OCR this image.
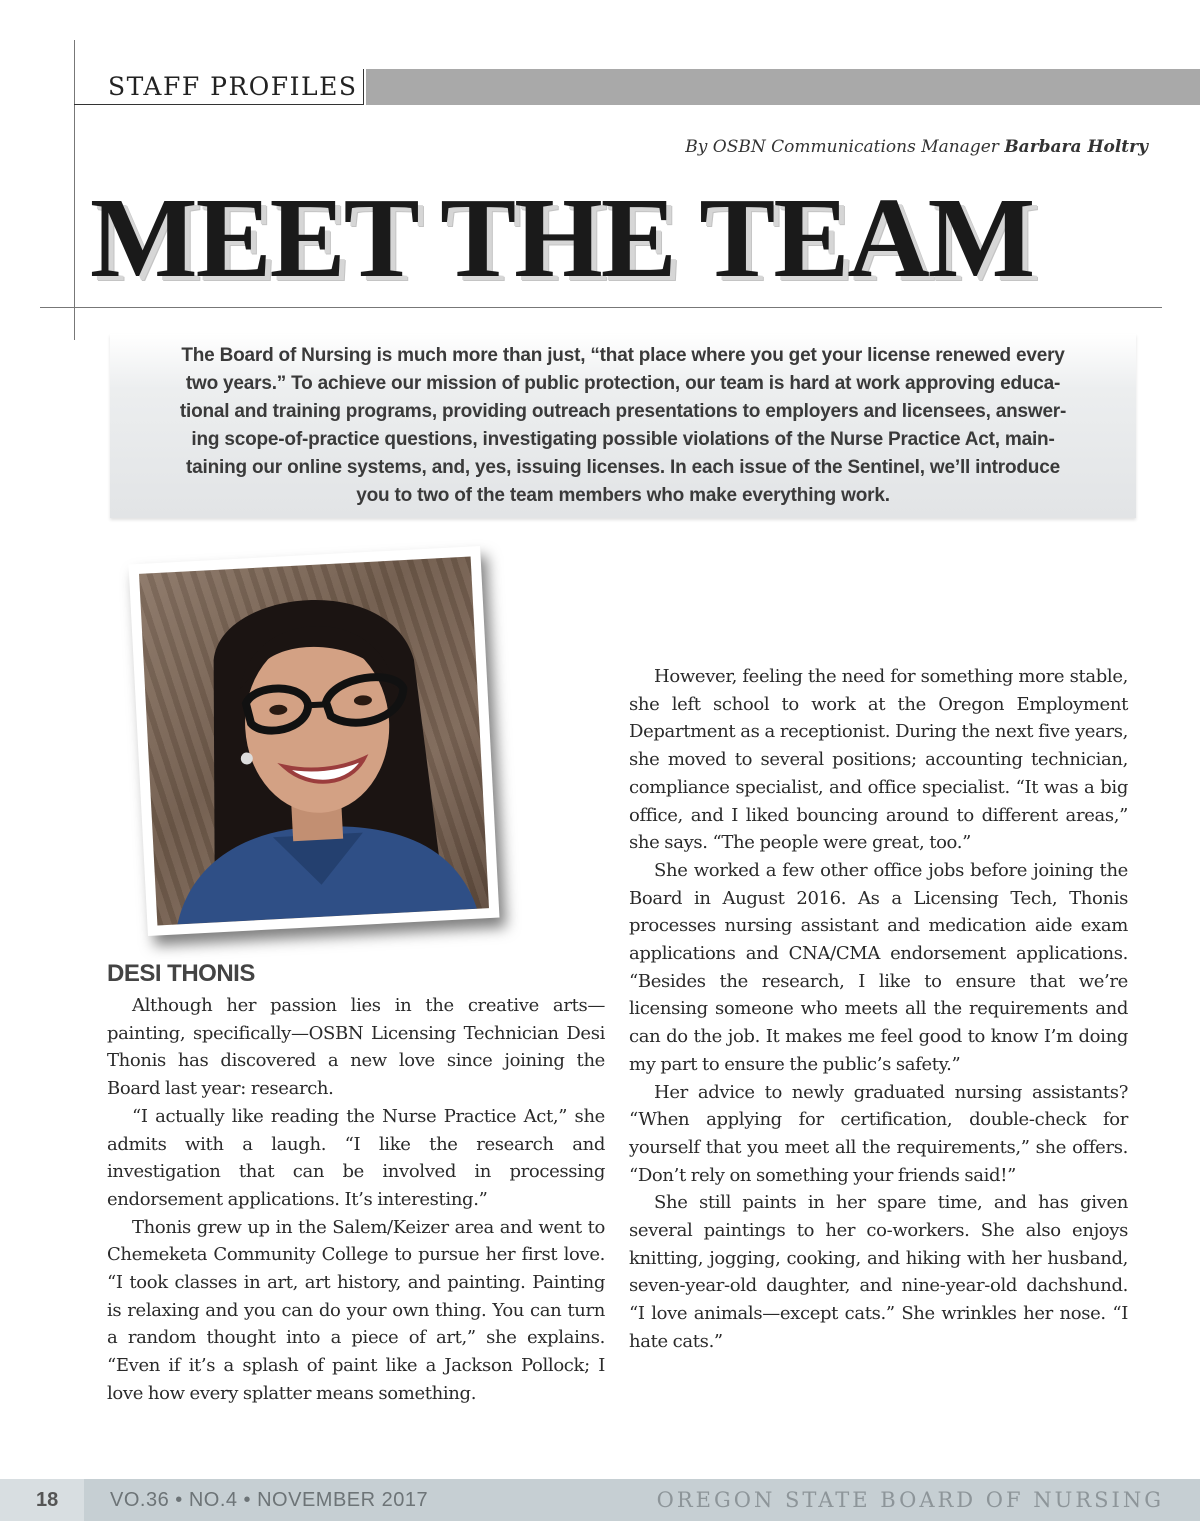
STAFF PROFILES
By OSBN Communications Manager Barbara Holtry
MEET THE TEAM
The Board of Nursing is much more than just, “that place where you get your license renewed every
two years.” To achieve our mission of public protection, our team is hard at work approving educa-
tional and training programs, providing outreach presentations to employers and licensees, answer-
ing scope-of-practice questions, investigating possible violations of the Nurse Practice Act, main-
taining our online systems, and, yes, issuing licenses. In each issue of the Sentinel, we’ll introduce
you to two of the team members who make everything work.
DESI THONIS

Although her passion lies in the creative arts—painting, specifically—OSBN Licensing Technician Desi Thonis has discovered a new love since joining the Board last year: research.

“I actually like reading the Nurse Practice Act,” she admits with a laugh. “I like the research and investigation that can be involved in processing endorsement applications. It’s interesting.”

Thonis grew up in the Salem/Keizer area and went to Chemeketa Community College to pursue her first love. “I took classes in art, art history, and painting. Painting is relaxing and you can do your own thing. You can turn a random thought into a piece of art,” she explains. “Even if it’s a splash of paint like a Jackson Pollock; I love how every splatter means something.

However, feeling the need for something more stable, she left school to work at the Oregon Employment Department as a receptionist. During the next five years, she moved to several positions; accounting technician, compliance specialist, and office specialist. “It was a big office, and I liked bouncing around to different areas,” she says. “The people were great, too.”

She worked a few other office jobs before joining the Board in August 2016. As a Licensing Tech, Thonis processes nursing assistant and medication aide exam applications and CNA/CMA endorsement applications. “Besides the research, I like to ensure that we’re licensing someone who meets all the requirements and can do the job. It makes me feel good to know I’m doing my part to ensure the public’s safety.”

Her advice to newly graduated nursing assistants? “When applying for certification, double-check for yourself that you meet all the requirements,” she offers. “Don’t rely on something your friends said!”

She still paints in her spare time, and has given several paintings to her co-workers. She also enjoys knitting, jogging, cooking, and hiking with her husband, seven-year-old daughter, and nine-year-old dachshund. “I love animals—except cats.” She wrinkles her nose. “I hate cats.”

18	VO.36 • NO.4 • NOVEMBER 2017	OREGON STATE BOARD OF NURSING
